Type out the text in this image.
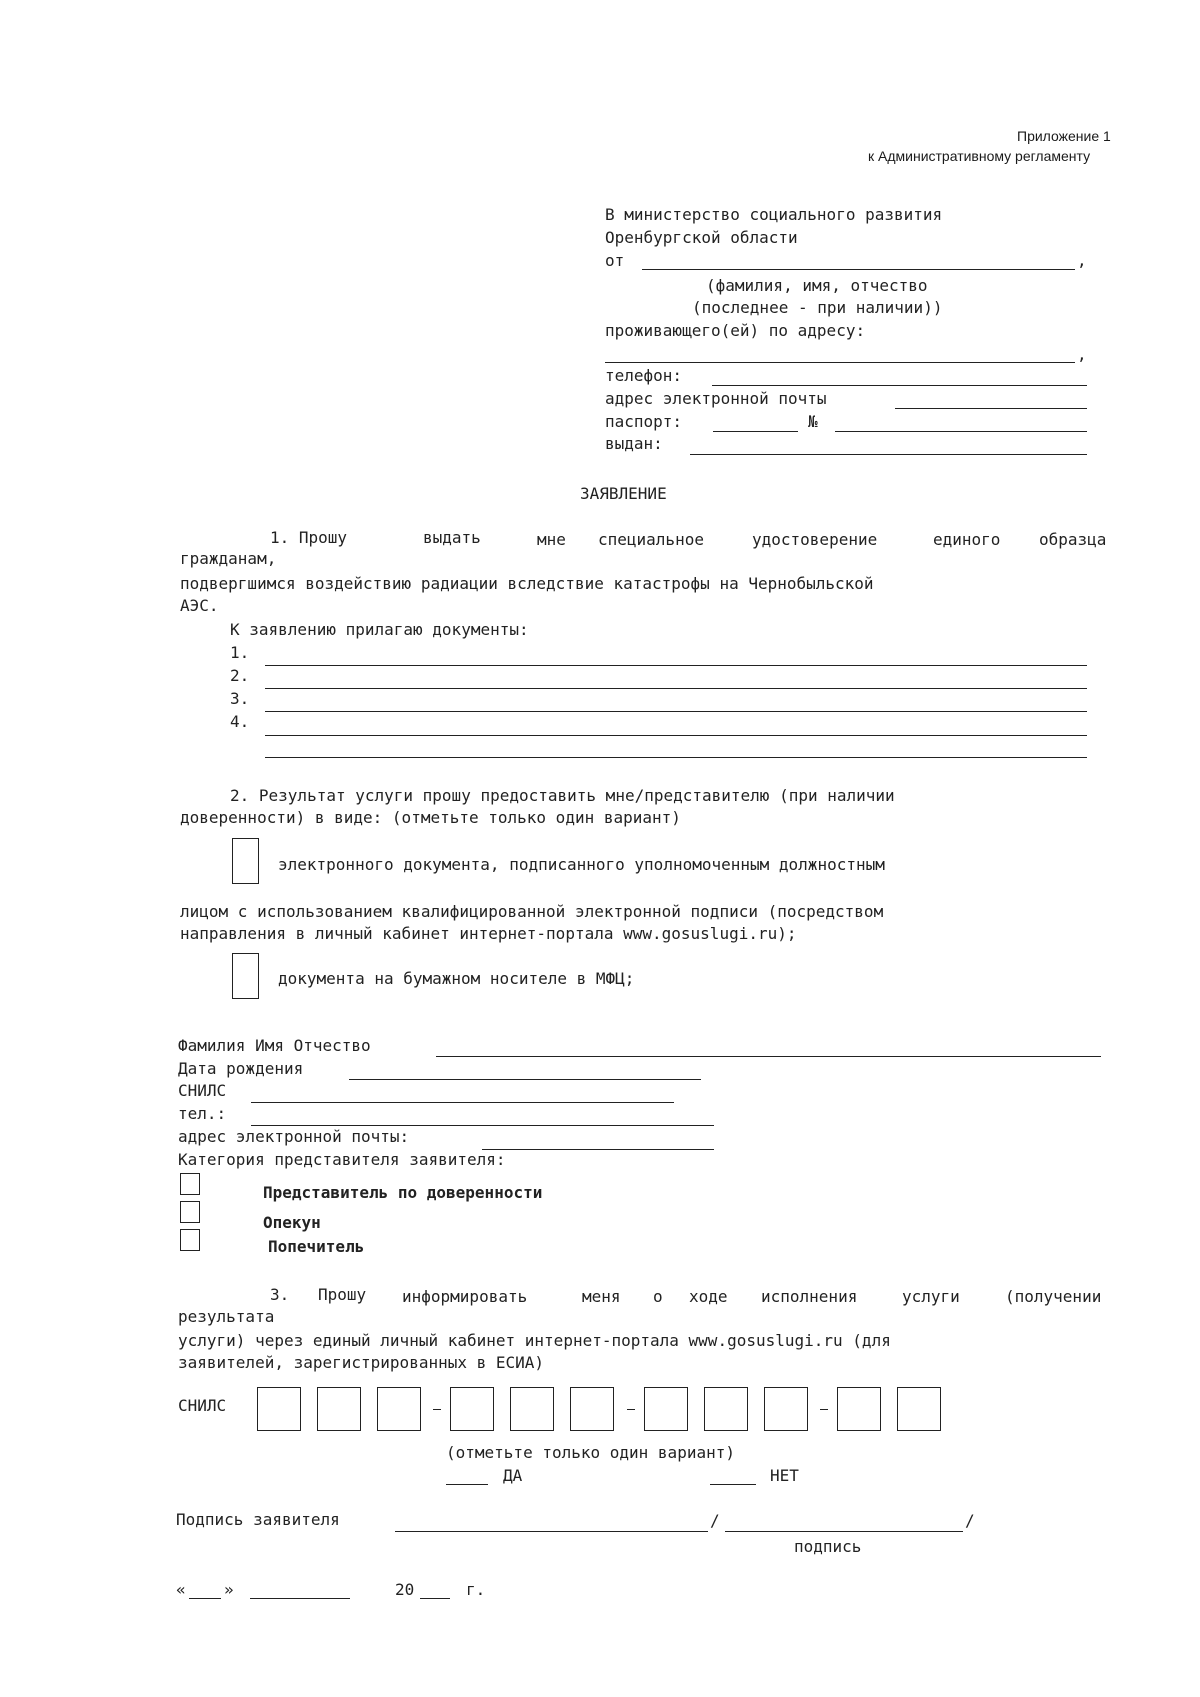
Приложение 1
к Административному регламенту
В министерство социального развития
Оренбургской области
от	,
(фамилия, имя, отчество
(последнее - при наличии))
проживающего(ей) по адресу:
,
телефон:
адрес электронной почты
паспорт:	№
выдан:
ЗАЯВЛЕНИЕ
1. Прошу	выдать	мне специальное	удостоверение	единого образца
гражданам,
подвергшимся воздействию радиации вследствие катастрофы на Чернобыльской
АЭС.
К заявлению прилагаю документы:
1.
2.
3.
4.
2. Результат услуги прошу предоставить мне/представителю (при наличии
доверенности) в виде: (отметьте только один вариант)
электронного документа, подписанного уполномоченным должностным
лицом с использованием квалифицированной электронной подписи (посредством
направления в личный кабинет интернет-портала www.gosuslugi.ru);
документа на бумажном носителе в МФЦ;
Фамилия Имя Отчество
Дата рождения
СНИЛС
тел.:
адрес электронной почты:
Категория представителя заявителя:
Представитель по доверенности
Опекун
Попечитель
3. Прошу информировать	меня о ходе исполнения	услуги	(получении
результата
услуги) через единый личный кабинет интернет-портала www.gosuslugi.ru (для
заявителей, зарегистрированных в ЕСИА)
СНИЛС
(отметьте только один вариант)
ДА	НЕТ
Подпись заявителя	/	/
подпись
« »	20	г.
